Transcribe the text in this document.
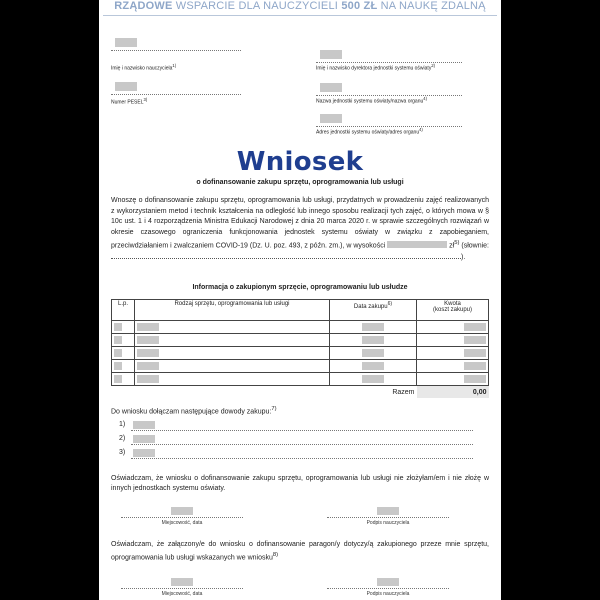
RZĄDOWE WSPARCIE DLA NAUCZYCIELI 500 ZŁ NA NAUKĘ ZDALNĄ
Imię i nazwisko nauczyciela$^{1)}$
Numer PESEL$^{3)}$
Imię i nazwisko dyrektora jednostki systemu oświaty$^{2)}$
Nazwa jednostki systemu oświaty/nazwa organu$^{4)}$
Adres jednostki systemu oświaty/adres organu$^{4)}$
Wniosek
o dofinansowanie zakupu sprzętu, oprogramowania lub usługi
Wnoszę o dofinansowanie zakupu sprzętu, oprogramowania lub usługi, przydatnych w prowadzeniu zajęć realizowanych z wykorzystaniem metod i technik kształcenia na odległość lub innego sposobu realizacji tych zajęć, o których mowa w § 10c ust. 1 i 4 rozporządzenia Ministra Edukacji Narodowej z dnia 20 marca 2020 r. w sprawie szczególnych rozwiązań w okresie czasowego ograniczenia funkcjonowania jednostek systemu oświaty w związku z zapobieganiem, przeciwdziałaniem i zwalczaniem COVID-19 (Dz. U. poz. 493, z późn. zm.), w wysokości	$zł^{5)}$ (słownie:
).
Informacja o zakupionym sprzęcie, oprogramowaniu lub usłudze
L.p.	Rodzaj sprzętu, oprogramowania lub usługi	Data zakupu$^{6)}$	Kwota
(koszt zakupu)

		Razem	0,00
Do wniosku dołączam następujące dowody zakupu:$^{7)}$
1)
2)
3)
Oświadczam, że wniosku o dofinansowanie zakupu sprzętu, oprogramowania lub usługi nie złożyłam/em i nie złożę w innych jednostkach systemu oświaty.
Miejscowość, data	Podpis nauczyciela
Oświadczam, że załączony/e do wniosku o dofinansowanie paragon/y dotyczy/ą zakupionego przeze mnie sprzętu, oprogramowania lub usługi wskazanych we wniosku$^{8)}$
Miejscowość, data	Podpis nauczyciela
